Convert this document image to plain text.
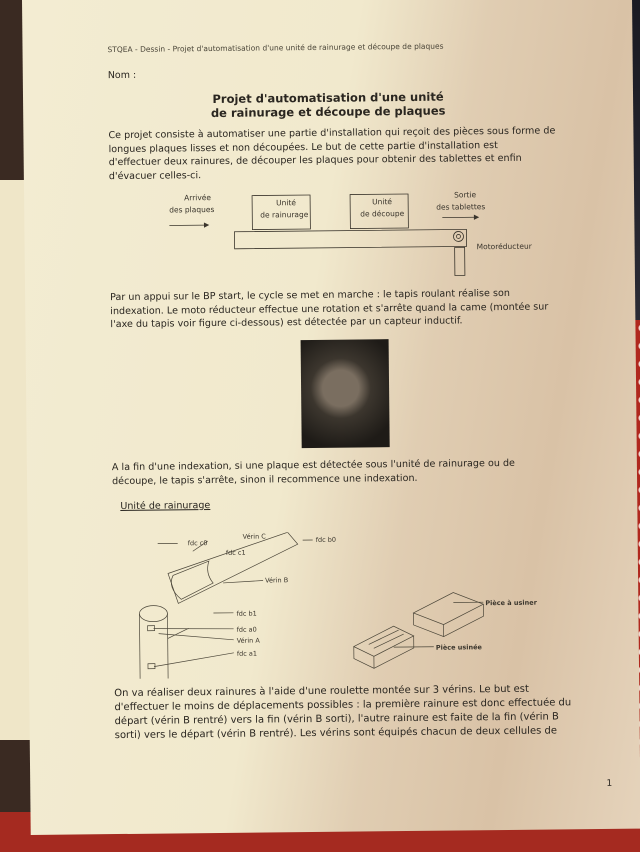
STQEA - Dessin - Projet d'automatisation d'une unité de rainurage et découpe de plaques
Nom :
Projet d'automatisation d'une unité
de rainurage et découpe de plaques
Ce projet consiste à automatiser une partie d'installation qui reçoit des pièces sous forme de
longues plaques lisses et non découpées. Le but de cette partie d'installation est
d'effectuer deux rainures, de découper les plaques pour obtenir des tablettes et enfin
d'évacuer celles-ci.
Arrivée
des plaques
Unité
de rainurage
Unité
de découpe
Sortie
des tablettes
Motoréducteur
Par un appui sur le BP start, le cycle se met en marche : le tapis roulant réalise son
indexation. Le moto réducteur effectue une rotation et s'arrête quand la came (montée sur
l'axe du tapis voir figure ci-dessous) est détectée par un capteur inductif.
A la fin d'une indexation, si une plaque est détectée sous l'unité de rainurage ou de
découpe, le tapis s'arrête, sinon il recommence une indexation.
Unité de rainurage
fdc c0
Vérin C
fdc c1
fdc b0
Vérin B
fdc b1
fdc a0
Vérin A
fdc a1
Pièce à usiner
Pièce usinée
On va réaliser deux rainures à l'aide d'une roulette montée sur 3 vérins. Le but est
d'effectuer le moins de déplacements possibles : la première rainure est donc effectuée du
départ (vérin B rentré) vers la fin (vérin B sorti), l'autre rainure est faite de la fin (vérin B
sorti) vers le départ (vérin B rentré). Les vérins sont équipés chacun de deux cellules de
1
